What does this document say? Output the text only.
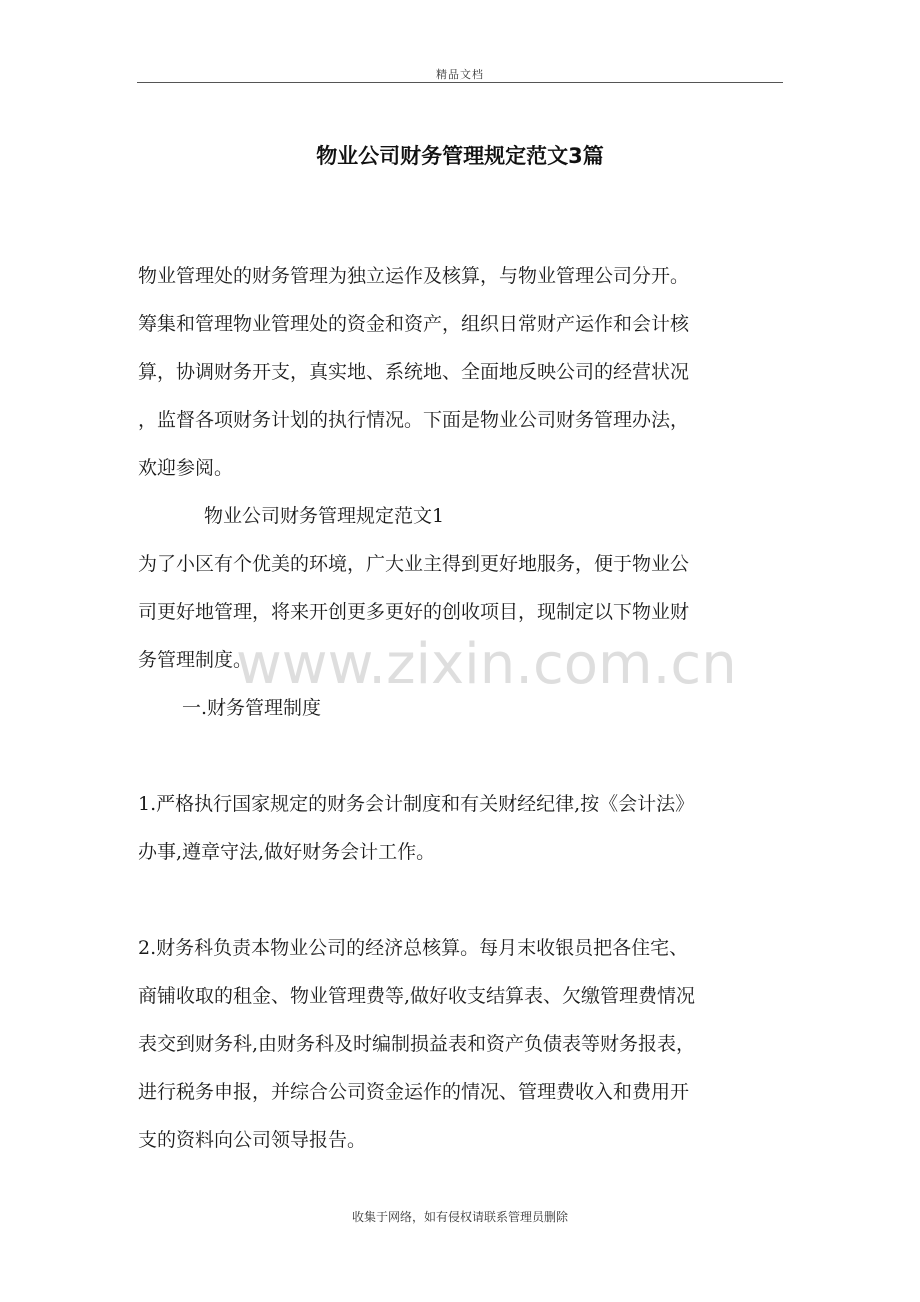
精品文档
物业公司财务管理规定范文3篇

物业管理处的财务管理为独立运作及核算，与物业管理公司分开。

筹集和管理物业管理处的资金和资产，组织日常财产运作和会计核

算，协调财务开支，真实地、系统地、全面地反映公司的经营状况

，监督各项财务计划的执行情况。下面是物业公司财务管理办法，

欢迎参阅。

物业公司财务管理规定范文1

为了小区有个优美的环境，广大业主得到更好地服务，便于物业公

司更好地管理，将来开创更多更好的创收项目，现制定以下物业财

务管理制度。

一.财务管理制度

1.严格执行国家规定的财务会计制度和有关财经纪律,按《会计法》

办事,遵章守法,做好财务会计工作。

2.财务科负责本物业公司的经济总核算。每月末收银员把各住宅、

商铺收取的租金、物业管理费等,做好收支结算表、欠缴管理费情况

表交到财务科,由财务科及时编制损益表和资产负债表等财务报表，

进行税务申报，并综合公司资金运作的情况、管理费收入和费用开

支的资料向公司领导报告。

www.zixin.com.cn
收集于网络，如有侵权请联系管理员删除
